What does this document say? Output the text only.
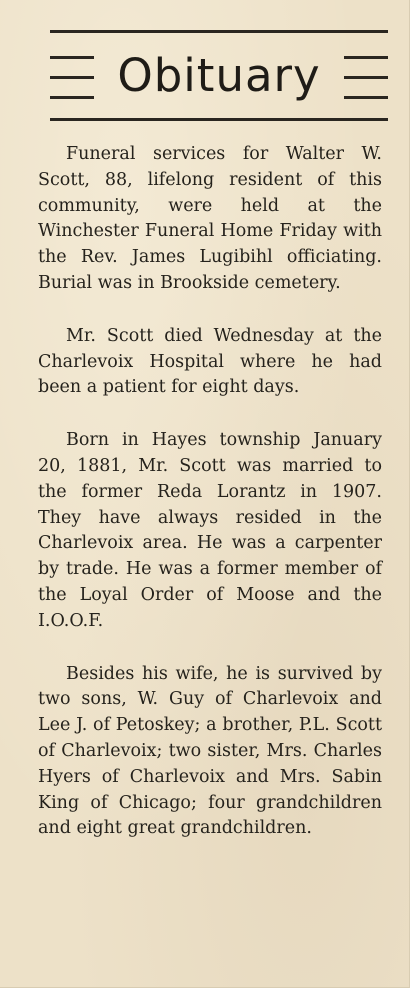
Obituary

Funeral services for Walter W. Scott, 88, lifelong resident of this community, were held at the Winchester Funeral Home Friday with the Rev. James Lugibihl officiating. Burial was in Brookside cemetery.

Mr. Scott died Wednesday at the Charlevoix Hospital where he had been a patient for eight days.

Born in Hayes township January 20, 1881, Mr. Scott was married to the former Reda Lorantz in 1907. They have always resided in the Charlevoix area. He was a carpenter by trade. He was a former member of the Loyal Order of Moose and the I.O.O.F.

Besides his wife, he is survived by two sons, W. Guy of Charlevoix and Lee J. of Petoskey; a brother, P.L. Scott of Charlevoix; two sister, Mrs. Charles Hyers of Charlevoix and Mrs. Sabin King of Chicago; four grandchildren and eight great grandchildren.
